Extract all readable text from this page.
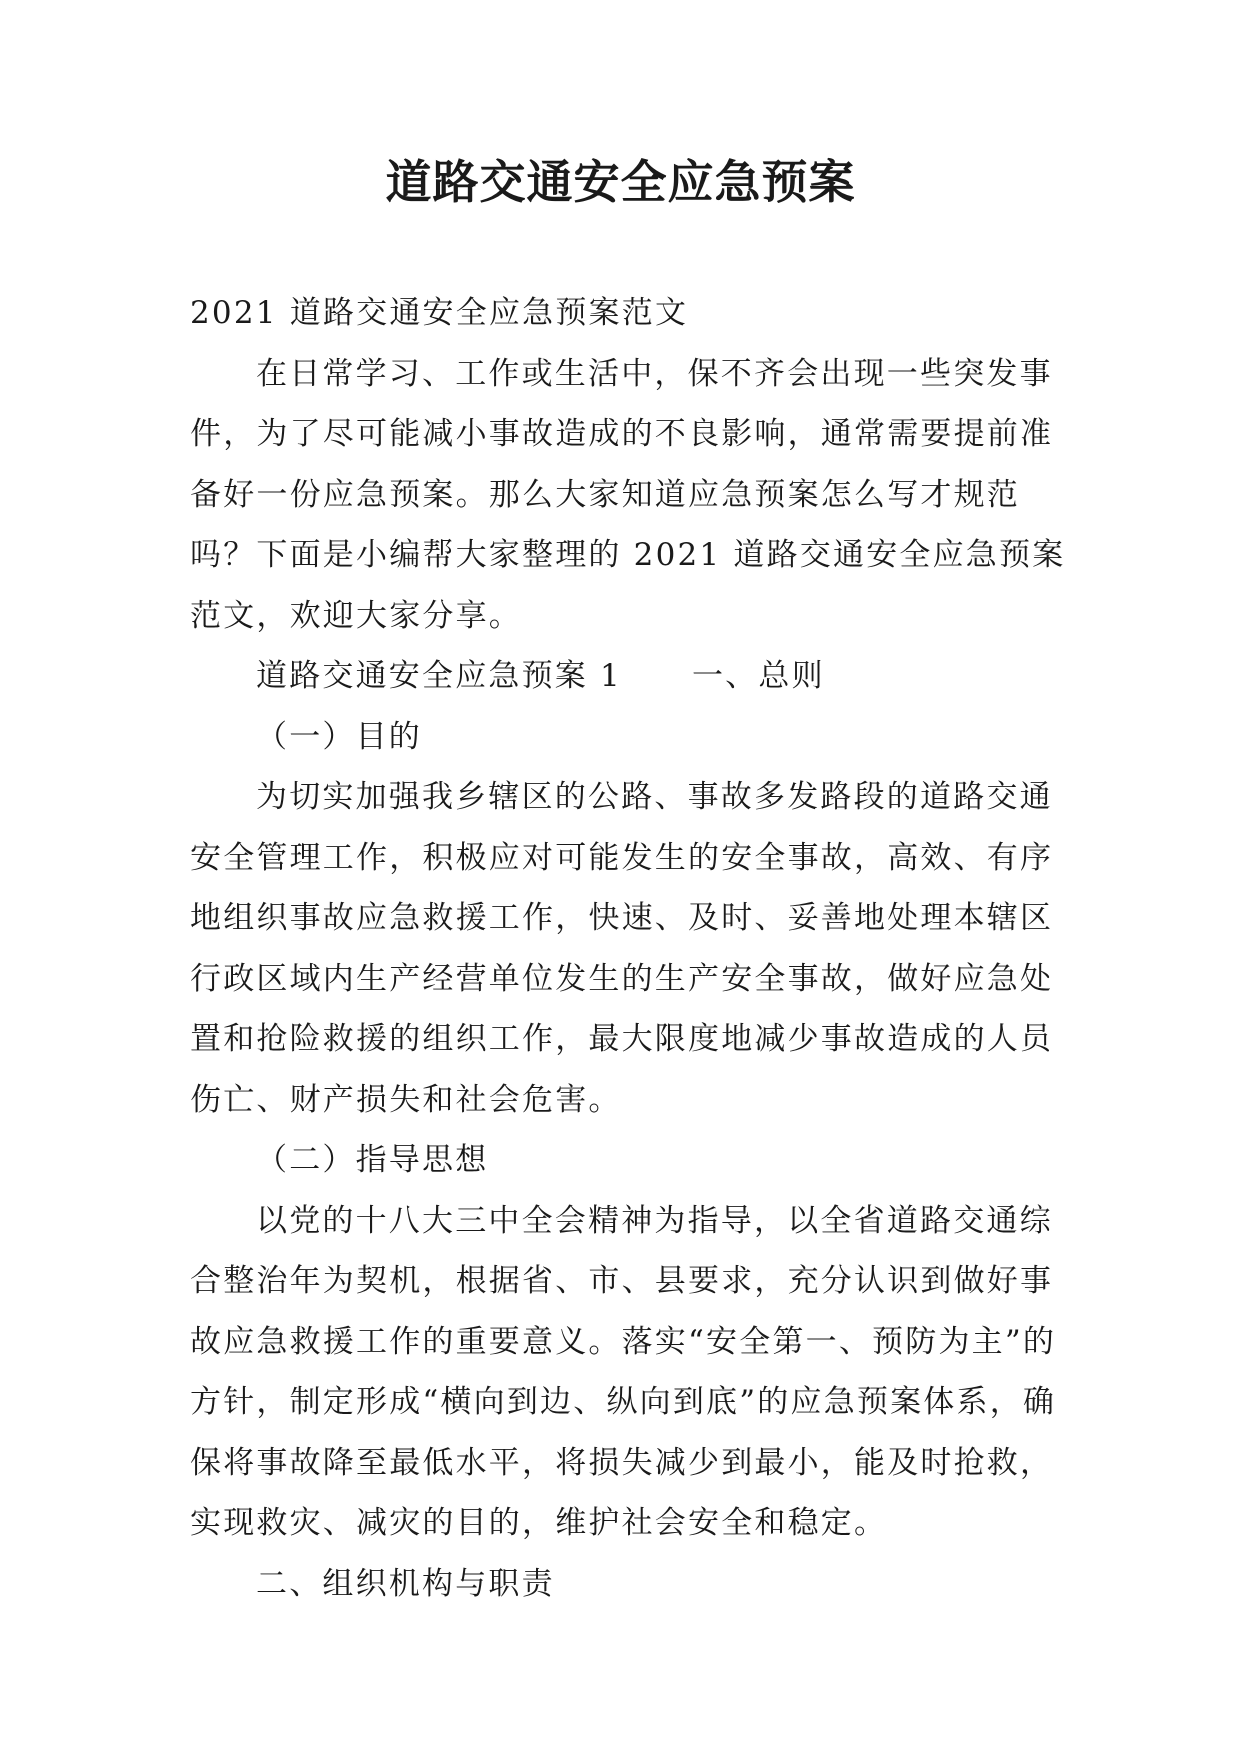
道路交通安全应急预案

2021 道路交通安全应急预案范文

在日常学习、工作或生活中，保不齐会出现一些突发事件，为了尽可能减小事故造成的不良影响，通常需要提前准备好一份应急预案。那么大家知道应急预案怎么写才规范吗？下面是小编帮大家整理的 2021 道路交通安全应急预案范文，欢迎大家分享。

道路交通安全应急预案 1 一、总则

（一）目的

为切实加强我乡辖区的公路、事故多发路段的道路交通安全管理工作，积极应对可能发生的安全事故，高效、有序地组织事故应急救援工作，快速、及时、妥善地处理本辖区行政区域内生产经营单位发生的生产安全事故，做好应急处置和抢险救援的组织工作，最大限度地减少事故造成的人员伤亡、财产损失和社会危害。

（二）指导思想

以党的十八大三中全会精神为指导，以全省道路交通综合整治年为契机，根据省、市、县要求，充分认识到做好事故应急救援工作的重要意义。落实“安全第一、预防为主”的方针，制定形成“横向到边、纵向到底”的应急预案体系，确保将事故降至最低水平，将损失减少到最小，能及时抢救，实现救灾、减灾的目的，维护社会安全和稳定。

二、组织机构与职责
